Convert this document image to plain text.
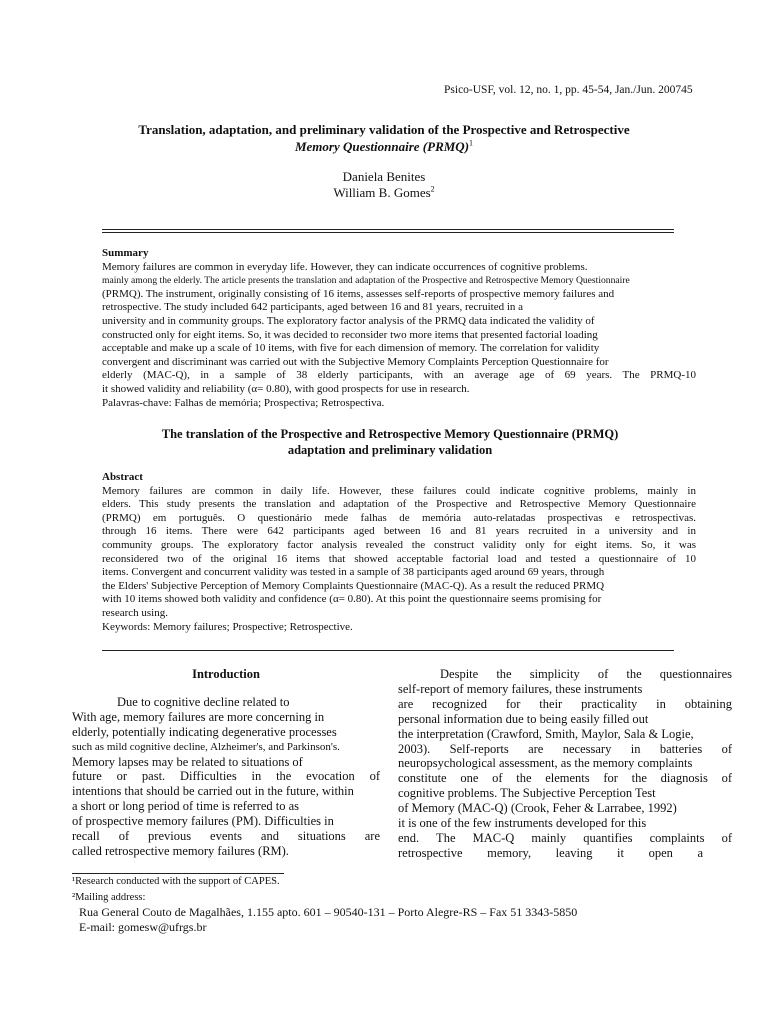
Psico-USF, vol. 12, no. 1, pp. 45-54, Jan./Jun. 200745
Translation, adaptation, and preliminary validation of the Prospective and Retrospective
Memory Questionnaire (PRMQ)$^1$
Daniela Benites
William B. Gomes$^2$
Summary
Memory failures are common in everyday life. However, they can indicate occurrences of cognitive problems.
mainly among the elderly. The article presents the translation and adaptation of the Prospective and Retrospective Memory Questionnaire
(PRMQ). The instrument, originally consisting of 16 items, assesses self-reports of prospective memory failures and
retrospective. The study included 642 participants, aged between 16 and 81 years, recruited in a
university and in community groups. The exploratory factor analysis of the PRMQ data indicated the validity of
constructed only for eight items. So, it was decided to reconsider two more items that presented factorial loading
acceptable and make up a scale of 10 items, with five for each dimension of memory. The correlation for validity
convergent and discriminant was carried out with the Subjective Memory Complaints Perception Questionnaire for
elderly (MAC-Q), in a sample of 38 elderly participants, with an average age of 69 years. The PRMQ-10
it showed validity and reliability (α= 0.80), with good prospects for use in research.
Palavras-chave: Falhas de memória; Prospectiva; Retrospectiva.
The translation of the Prospective and Retrospective Memory Questionnaire (PRMQ)
adaptation and preliminary validation
Abstract
Memory failures are common in daily life. However, these failures could indicate cognitive problems, mainly in
elders. This study presents the translation and adaptation of the Prospective and Retrospective Memory Questionnaire
(PRMQ) em português. O questionário mede falhas de memória auto-relatadas prospectivas e retrospectivas.
through 16 items. There were 642 participants aged between 16 and 81 years recruited in a university and in
community groups. The exploratory factor analysis revealed the construct validity only for eight items. So, it was
reconsidered two of the original 16 items that showed acceptable factorial load and tested a questionnaire of 10
items. Convergent and concurrent validity was tested in a sample of 38 participants aged around 69 years, through
the Elders' Subjective Perception of Memory Complaints Questionnaire (MAC-Q). As a result the reduced PRMQ
with 10 items showed both validity and confidence (α= 0.80). At this point the questionnaire seems promising for
research using.
Keywords: Memory failures; Prospective; Retrospective.
Introduction
Due to cognitive decline related to
With age, memory failures are more concerning in
elderly, potentially indicating degenerative processes
such as mild cognitive decline, Alzheimer's, and Parkinson's.
Memory lapses may be related to situations of
future or past. Difficulties in the evocation of
intentions that should be carried out in the future, within
a short or long period of time is referred to as
of prospective memory failures (PM). Difficulties in
recall of previous events and situations are
called retrospective memory failures (RM).
Despite the simplicity of the questionnaires
self-report of memory failures, these instruments
are recognized for their practicality in obtaining
personal information due to being easily filled out
the interpretation (Crawford, Smith, Maylor, Sala & Logie,
2003). Self-reports are necessary in batteries of
neuropsychological assessment, as the memory complaints
constitute one of the elements for the diagnosis of
cognitive problems. The Subjective Perception Test
of Memory (MAC-Q) (Crook, Feher & Larrabee, 1992)
it is one of the few instruments developed for this
end. The MAC-Q mainly quantifies complaints of
retrospective memory, leaving it open a
¹Research conducted with the support of CAPES.
²Mailing address:
Rua General Couto de Magalhães, 1.155 apto. 601 – 90540-131 – Porto Alegre-RS – Fax 51 3343-5850
E-mail: gomesw@ufrgs.br
